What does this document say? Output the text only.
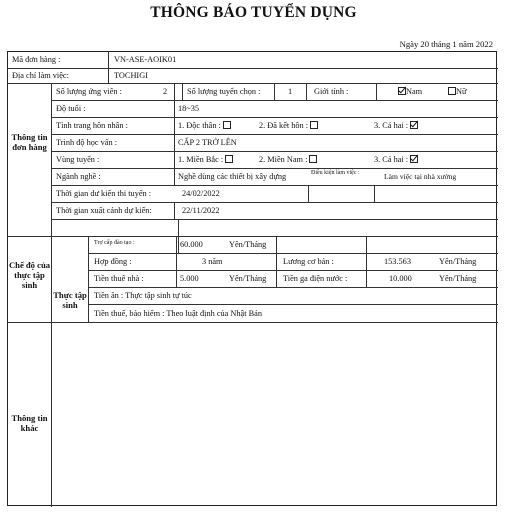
THÔNG BÁO TUYỂN DỤNG
Ngày 20 tháng 1 năm 2022
Mã đơn hàng :	VN-ASE-AOIK01
Địa chỉ làm việc:	TOCHIGI
Thông tin đơn hàng
Chế độ của thực tập sinh
Thực tập sinh
Thông tin khác
Số lượng ứng viên :	2 Số lượng tuyển chọn :	1	Giới tính :	Nam	Nữ
Độ tuổi :	18~35
Tình trang hôn nhân :	1. Độc thân :	2. Đã kết hôn :	3. Cả hai :
Trình độ học vấn :	CẤP 2 TRỞ LÊN
Vùng tuyển :	1. Miền Bắc :	2. Miền Nam :	3. Cả hai :
Ngành nghề :	Nghề dùng các thiết bị xây dựng	Điều kiện làm việc :	Làm việc tại nhà xưởng
Thời gian dư kiến thi tuyển :	24/02/2022
Thời gian xuất cảnh dự kiến:	22/11/2022
Trợ cấp đào tạo :	60.000	Yên/Tháng
Hợp đồng :	3 năm	Lương cơ bản :	153.563	Yên/Tháng
Tiền thuê nhà :	5.000	Yên/Tháng Tiền ga điện nước :	10.000	Yên/Tháng
Tiền ăn : Thực tập sinh tự túc
Tiền thuế, bảo hiểm : Theo luật định của Nhật Bản
